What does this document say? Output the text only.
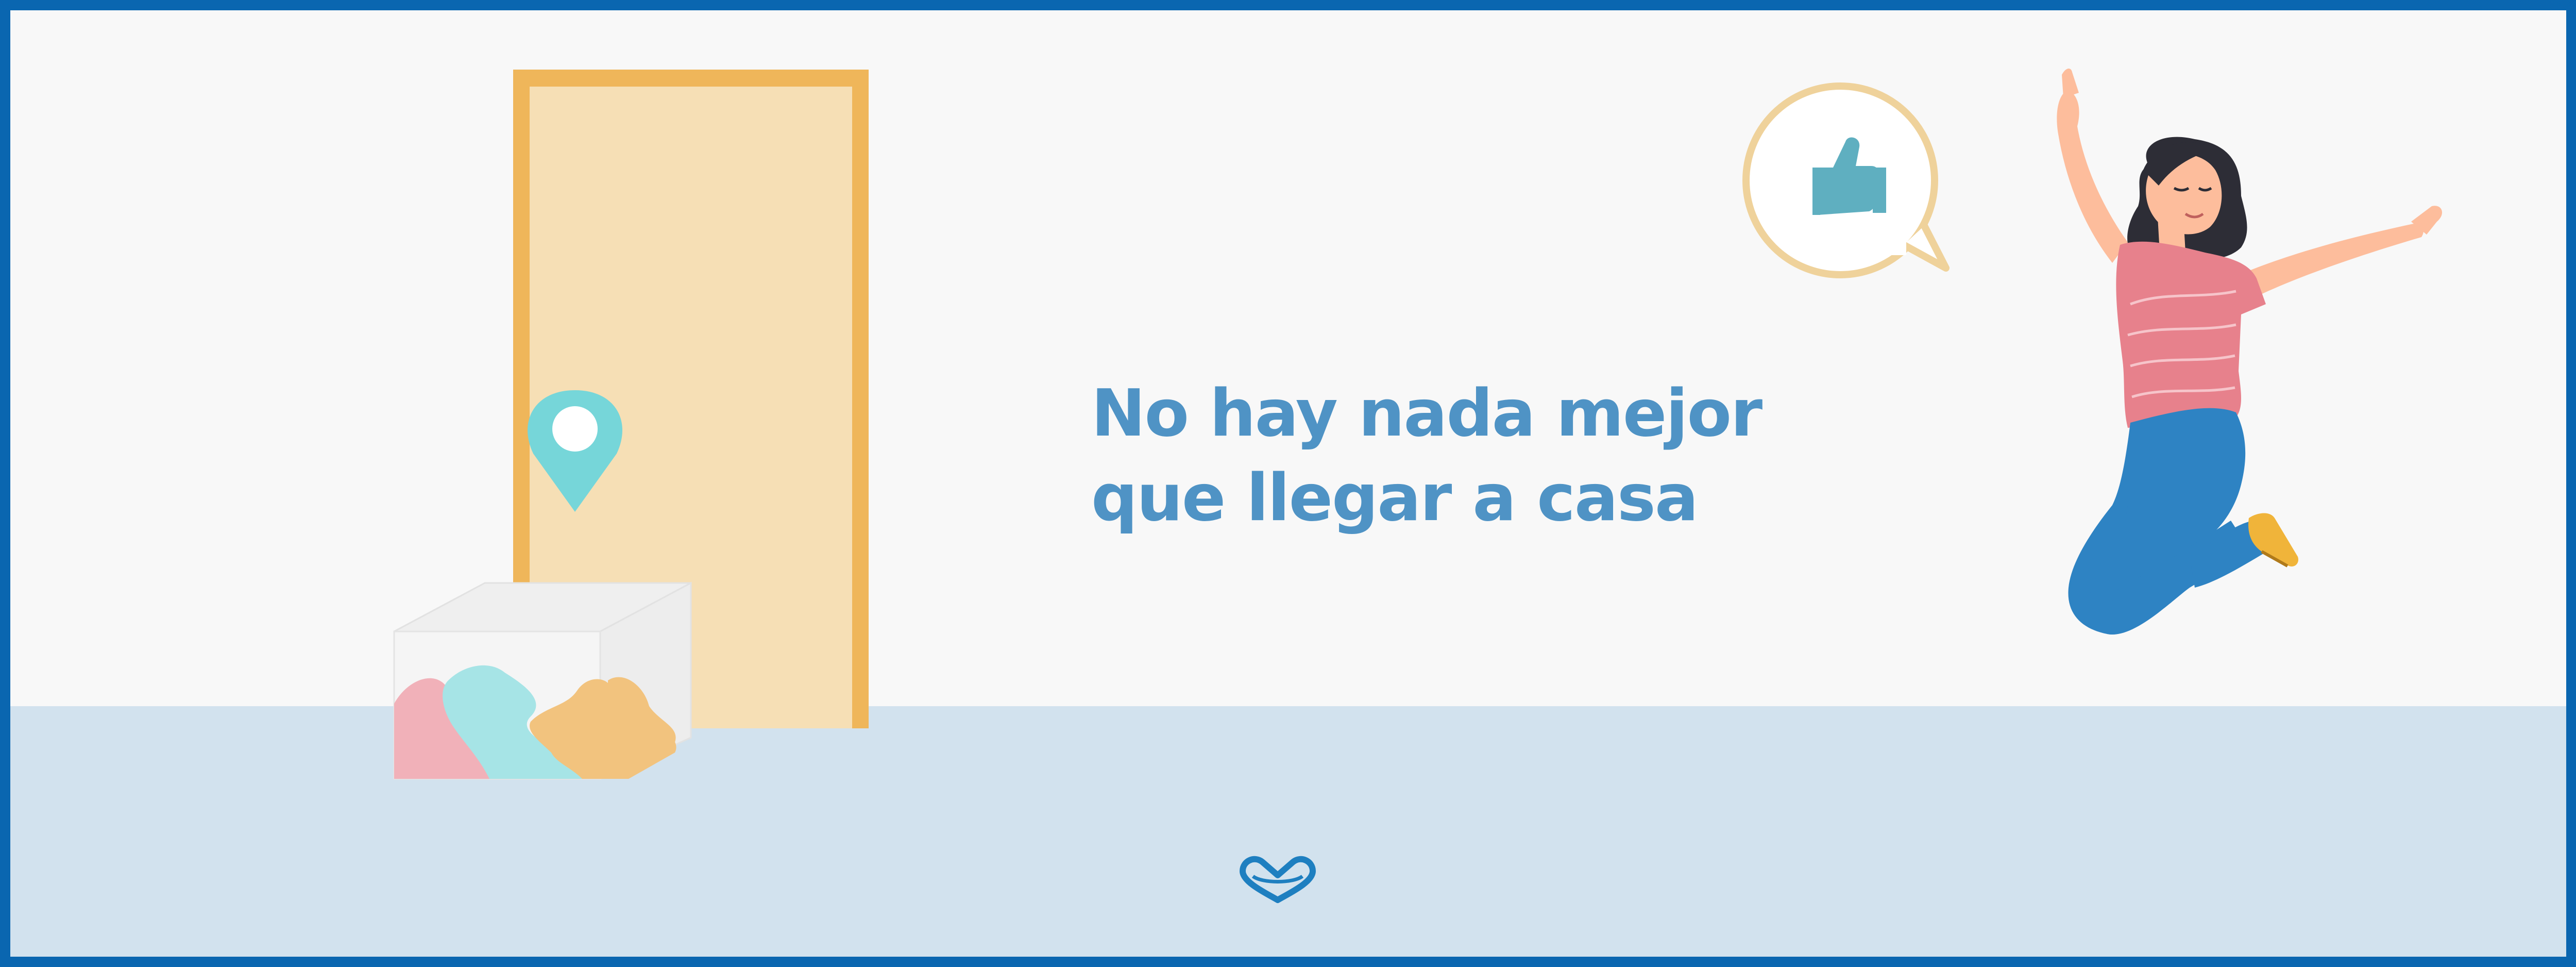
No hay nada mejor
que llegar a casa
